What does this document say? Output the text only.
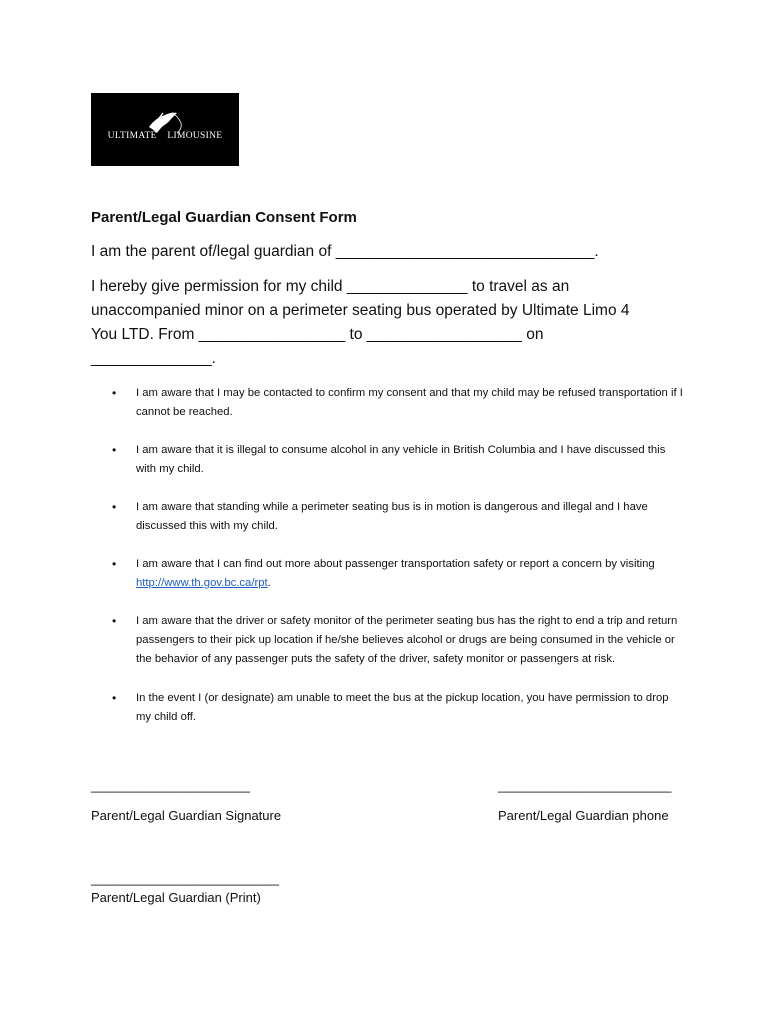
ULTIMATE LIMOUSINE
Parent/Legal Guardian Consent Form
I am the parent of/legal guardian of ______________________________.
I hereby give permission for my child ______________ to travel as an
unaccompanied minor on a perimeter seating bus operated by Ultimate Limo 4
You LTD. From _________________ to __________________ on
______________.
• I am aware that I may be contacted to confirm my consent and that my child may be refused transportation if I cannot be reached.
• I am aware that it is illegal to consume alcohol in any vehicle in British Columbia and I have discussed this with my child.
• I am aware that standing while a perimeter seating bus is in motion is dangerous and illegal and I have discussed this with my child.
• I am aware that I can find out more about passenger transportation safety or report a concern by visiting http://www.th.gov.bc.ca/rpt.
• I am aware that the driver or safety monitor of the perimeter seating bus has the right to end a trip and return passengers to their pick up location if he/she believes alcohol or drugs are being consumed in the vehicle or the behavior of any passenger puts the safety of the driver, safety monitor or passengers at risk.
• In the event I (or designate) am unable to meet the bus at the pickup location, you have permission to drop my child off.
______________________
Parent/Legal Guardian Signature
________________________
Parent/Legal Guardian phone
__________________________
Parent/Legal Guardian (Print)
